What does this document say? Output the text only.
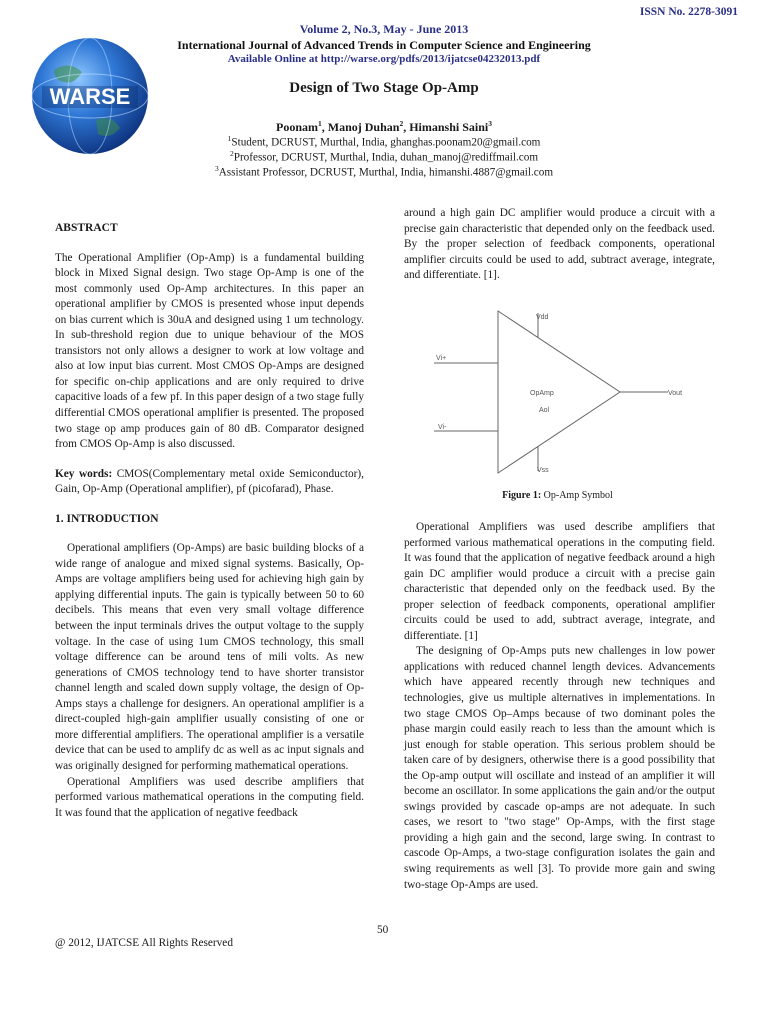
WARSE
ISSN No. 2278-3091
Volume 2, No.3, May - June 2013
International Journal of Advanced Trends in Computer Science and Engineering
Available Online at http://warse.org/pdfs/2013/ijatcse04232013.pdf
Design of Two Stage Op-Amp
Poonam$^1$, Manoj Duhan$^2$, Himanshi Saini$^3$
$^1$Student, DCRUST, Murthal, India, ghanghas.poonam20@gmail.com
$^2$Professor, DCRUST, Murthal, India, duhan_manoj@rediffmail.com
$^3$Assistant Professor, DCRUST, Murthal, India, himanshi.4887@gmail.com

ABSTRACT

The Operational Amplifier (Op-Amp) is a fundamental building block in Mixed Signal design. Two stage Op-Amp is one of the most commonly used Op-Amp architectures. In this paper an operational amplifier by CMOS is presented whose input depends on bias current which is 30uA and designed using 1 um technology. In sub-threshold region due to unique behaviour of the MOS transistors not only allows a designer to work at low voltage and also at low input bias current. Most CMOS Op-Amps are designed for specific on-chip applications and are only required to drive capacitive loads of a few pf. In this paper design of a two stage fully differential CMOS operational amplifier is presented. The proposed two stage op amp produces gain of 80 dB. Comparator designed from CMOS Op-Amp is also discussed.

Key words: CMOS(Complementary metal oxide Semiconductor), Gain, Op-Amp (Operational amplifier), pf (picofarad), Phase.

1. INTRODUCTION

Operational amplifiers (Op-Amps) are basic building blocks of a wide range of analogue and mixed signal systems. Basically, Op-Amps are voltage amplifiers being used for achieving high gain by applying differential inputs. The gain is typically between 50 to 60 decibels. This means that even very small voltage difference between the input terminals drives the output voltage to the supply voltage. In the case of using 1um CMOS technology, this small voltage difference can be around tens of mili volts. As new generations of CMOS technology tend to have shorter transistor channel length and scaled down supply voltage, the design of Op-Amps stays a challenge for designers. An operational amplifier is a direct-coupled high-gain amplifier usually consisting of one or more differential amplifiers. The operational amplifier is a versatile device that can be used to amplify dc as well as ac input signals and was originally designed for performing mathematical operations.

Operational Amplifiers was used describe amplifiers that performed various mathematical operations in the computing field. It was found that the application of negative feedback

around a high gain DC amplifier would produce a circuit with a precise gain characteristic that depended only on the feedback used. By the proper selection of feedback components, operational amplifier circuits could be used to add, subtract average, integrate, and differentiate. [1].

Vdd
Vi+
Vi-
OpAmp
Aol
Vout
Vss
Figure 1: Op-Amp Symbol

Operational Amplifiers was used describe amplifiers that performed various mathematical operations in the computing field. It was found that the application of negative feedback around a high gain DC amplifier would produce a circuit with a precise gain characteristic that depended only on the feedback used. By the proper selection of feedback components, operational amplifier circuits could be used to add, subtract average, integrate, and differentiate. [1]

The designing of Op-Amps puts new challenges in low power applications with reduced channel length devices. Advancements which have appeared recently through new techniques and technologies, give us multiple alternatives in implementations. In two stage CMOS Op–Amps because of two dominant poles the phase margin could easily reach to less than the amount which is just enough for stable operation. This serious problem should be taken care of by designers, otherwise there is a good possibility that the Op-amp output will oscillate and instead of an amplifier it will become an oscillator. In some applications the gain and/or the output swings provided by cascade op-amps are not adequate. In such cases, we resort to "two stage" Op-Amps, with the first stage providing a high gain and the second, large swing. In contrast to cascode Op-Amps, a two-stage configuration isolates the gain and swing requirements as well [3]. To provide more gain and swing two-stage Op-Amps are used.

50
@ 2012, IJATCSE All Rights Reserved
